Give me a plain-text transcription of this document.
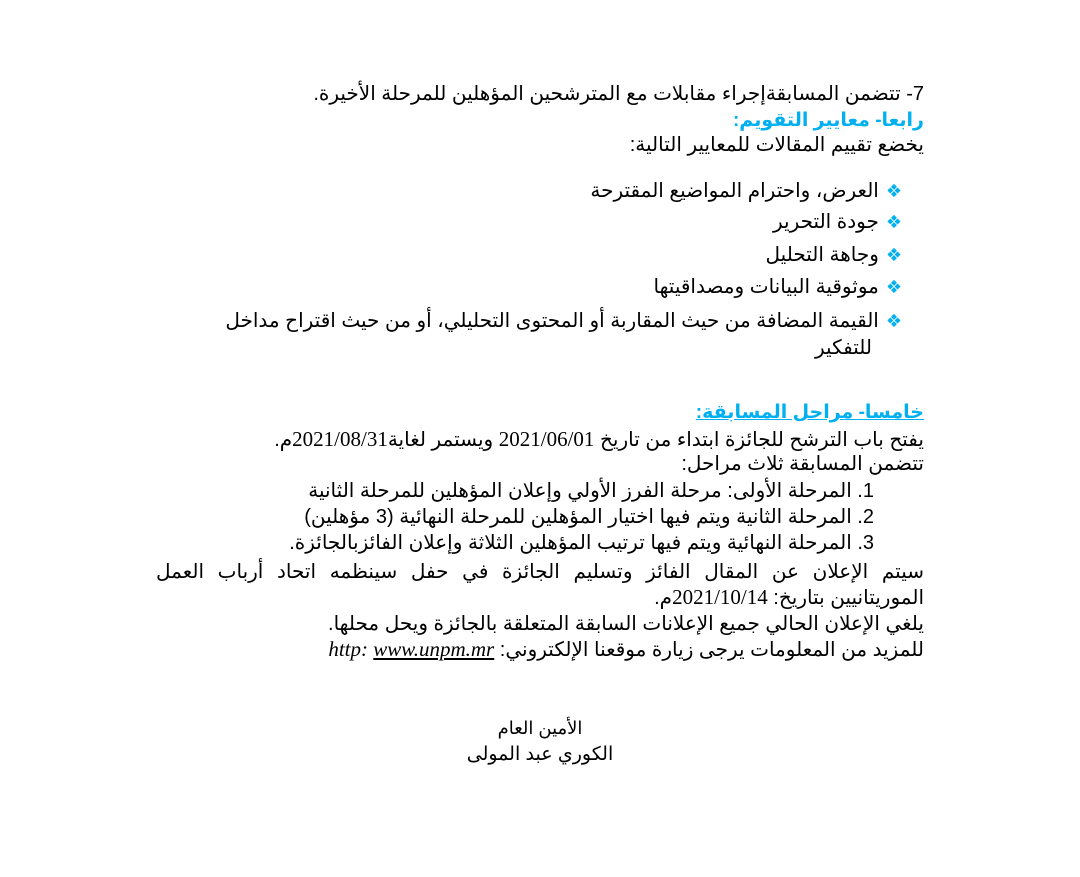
7- تتضمن المسابقةإجراء مقابلات مع المترشحين المؤهلين للمرحلة الأخيرة.
رابعا- معايير التقويم:
يخضع تقييم المقالات للمعايير التالية:
❖العرض، واحترام المواضيع المقترحة
❖جودة التحرير
❖وجاهة التحليل
❖موثوقية البيانات ومصداقيتها
❖القيمة المضافة من حيث المقاربة أو المحتوى التحليلي، أو من حيث اقتراح مداخل
للتفكير
خامسا- مراحل المسابقة:
يفتح باب الترشح للجائزة ابتداء من تاريخ 2021/06/01 ويستمر لغاية2021/08/31م.
تتضمن المسابقة ثلاث مراحل:
1. المرحلة الأولى: مرحلة الفرز الأولي وإعلان المؤهلين للمرحلة الثانية
2. المرحلة الثانية ويتم فيها اختيار المؤهلين للمرحلة النهائية (3 مؤهلين)
3. المرحلة النهائية ويتم فيها ترتيب المؤهلين الثلاثة وإعلان الفائزبالجائزة.
سيتم الإعلان عن المقال الفائز وتسليم الجائزة في حفل سينظمه اتحاد أرباب العمل
الموريتانيين بتاريخ: 2021/10/14م.
يلغي الإعلان الحالي جميع الإعلانات السابقة المتعلقة بالجائزة ويحل محلها.
للمزيد من المعلومات يرجى زيارة موقعنا الإلكتروني: http: www.unpm.mr
الأمين العام
الكوري عبد المولى
